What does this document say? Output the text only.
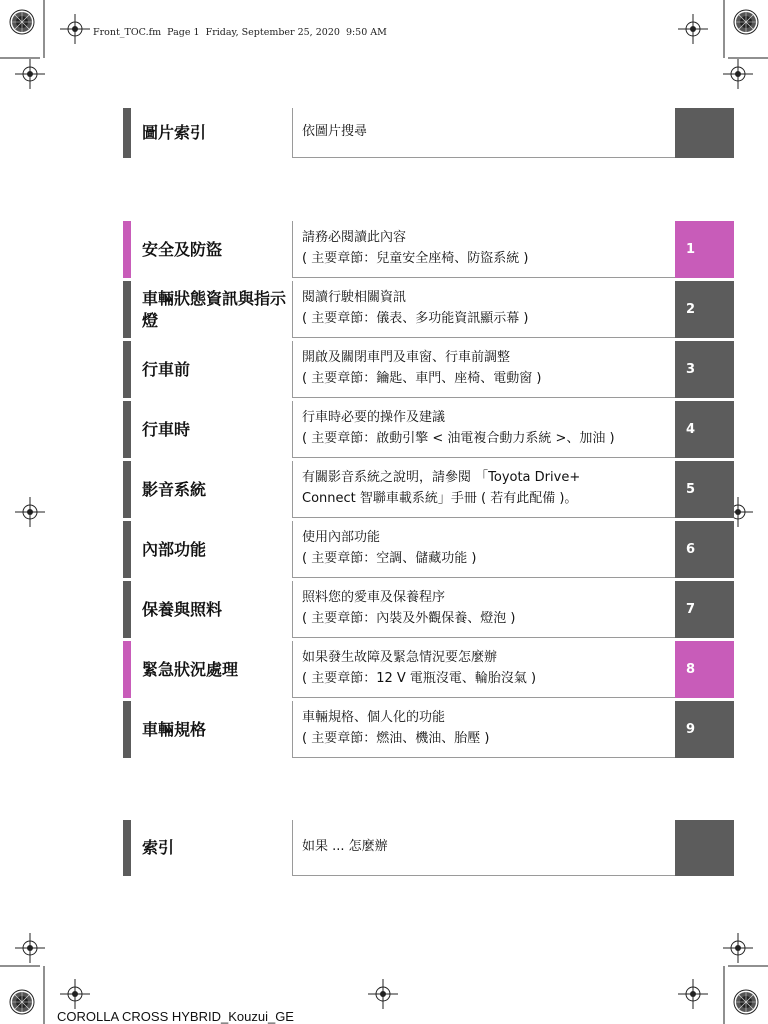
Front_TOC.fm  Page 1  Friday, September 25, 2020  9:50 AM
COROLLA CROSS HYBRID_Kouzui_GE
圖片索引	依圖片搜尋
安全及防盜
請務必閱讀此內容
( 主要章節：兒童安全座椅、防盜系統 )
1
車輛狀態資訊與指示燈
閱讀行駛相關資訊
( 主要章節：儀表、多功能資訊顯示幕 )
2
行車前
開啟及關閉車門及車窗、行車前調整
( 主要章節：鑰匙、車門、座椅、電動窗 )
3
行車時
行車時必要的操作及建議
( 主要章節：啟動引擎 < 油電複合動力系統 >、加油 )
4
影音系統
有關影音系統之說明，請參閱 「Toyota Drive+
Connect 智聯車載系統」手冊 ( 若有此配備 )。
5
內部功能
使用內部功能
( 主要章節：空調、儲藏功能 )
6
保養與照料
照料您的愛車及保養程序
( 主要章節：內裝及外觀保養、燈泡 )
7
緊急狀況處理
如果發生故障及緊急情況要怎麼辦
( 主要章節：12 V 電瓶沒電、輪胎沒氣 )
8
車輛規格
車輛規格、個人化的功能
( 主要章節：燃油、機油、胎壓 )
9
索引	如果 ... 怎麼辦
